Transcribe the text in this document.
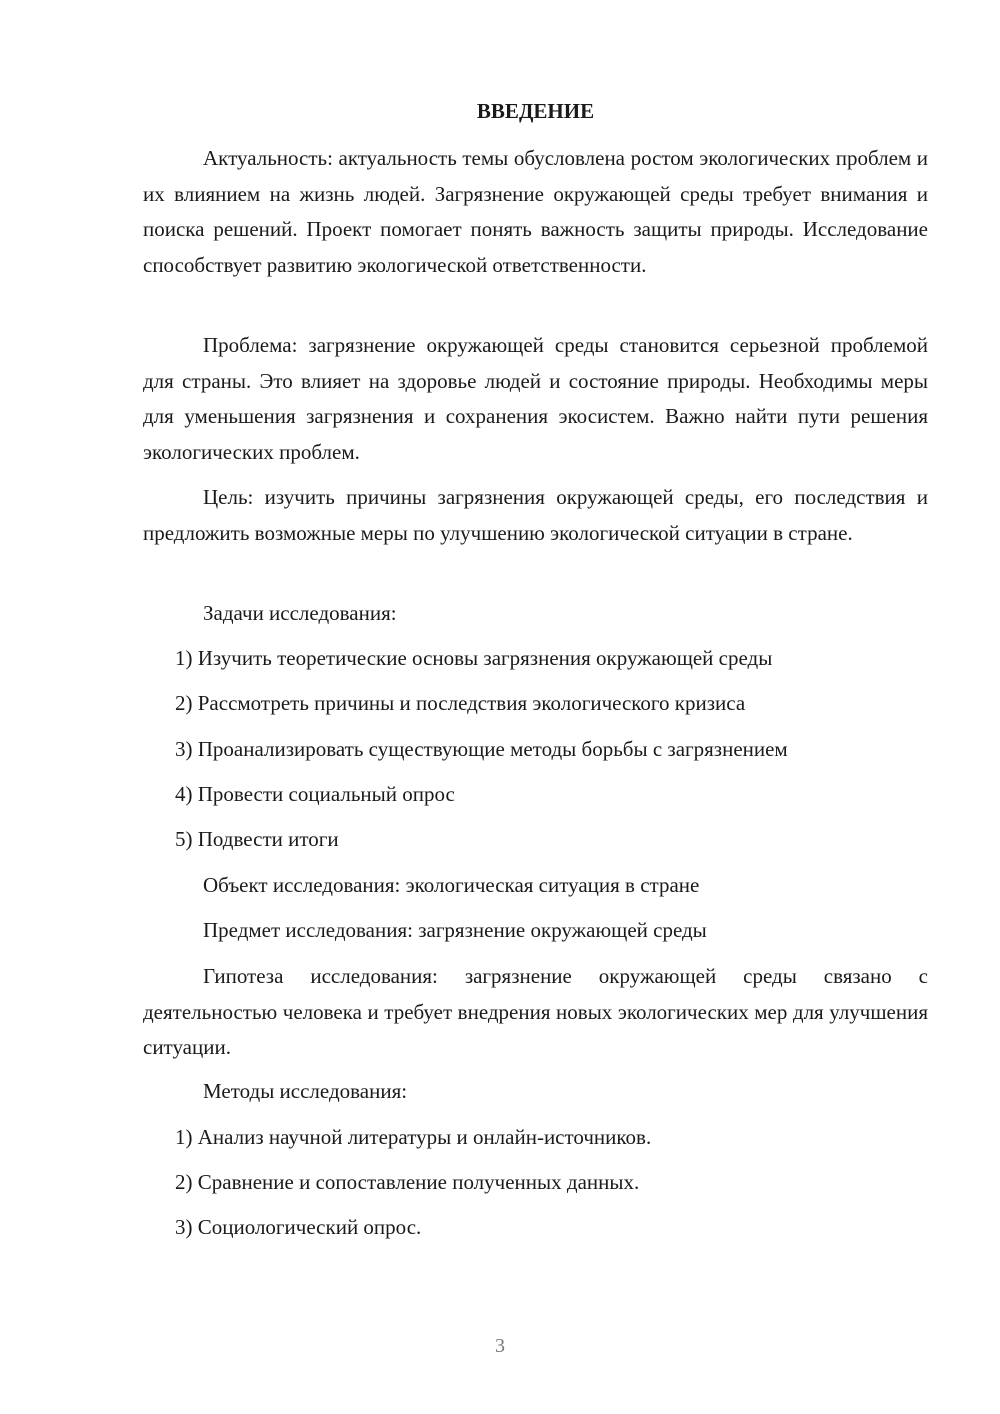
ВВЕДЕНИЕ

Актуальность: актуальность темы обусловлена ростом экологических проблем и их влиянием на жизнь людей. Загрязнение окружающей среды требует внимания и поиска решений. Проект помогает понять важность защиты природы. Исследование способствует развитию экологической ответственности.

Проблема: загрязнение окружающей среды становится серьезной проблемой для страны. Это влияет на здоровье людей и состояние природы. Необходимы меры для уменьшения загрязнения и сохранения экосистем. Важно найти пути решения экологических проблем.

Цель: изучить причины загрязнения окружающей среды, его последствия и предложить возможные меры по улучшению экологической ситуации в стране.

Задачи исследования:

1) Изучить теоретические основы загрязнения окружающей среды

2) Рассмотреть причины и последствия экологического кризиса

3) Проанализировать существующие методы борьбы с загрязнением

4) Провести социальный опрос

5) Подвести итоги

Объект исследования: экологическая ситуация в стране

Предмет исследования: загрязнение окружающей среды

Гипотеза исследования: загрязнение окружающей среды связано с деятельностью человека и требует внедрения новых экологических мер для улучшения ситуации.

Методы исследования:

1) Анализ научной литературы и онлайн-источников.

2) Сравнение и сопоставление полученных данных.

3) Социологический опрос.

3
